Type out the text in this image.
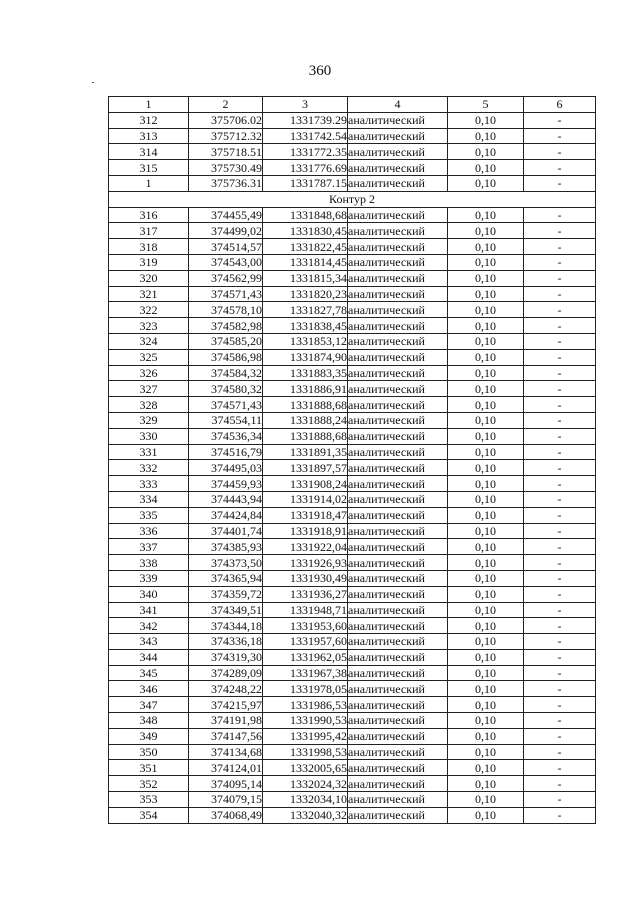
360
1	2	3	4	5	6
312	375706.02	1331739.29	аналитический	0,10	-
313	375712.32	1331742.54	аналитический	0,10	-
314	375718.51	1331772.35	аналитический	0,10	-
315	375730.49	1331776.69	аналитический	0,10	-
1	375736.31	1331787.15	аналитический	0,10	-
Контур 2					
316	374455,49	1331848,68	аналитический	0,10	-
317	374499,02	1331830,45	аналитический	0,10	-
318	374514,57	1331822,45	аналитический	0,10	-
319	374543,00	1331814,45	аналитический	0,10	-
320	374562,99	1331815,34	аналитический	0,10	-
321	374571,43	1331820,23	аналитический	0,10	-
322	374578,10	1331827,78	аналитический	0,10	-
323	374582,98	1331838,45	аналитический	0,10	-
324	374585,20	1331853,12	аналитический	0,10	-
325	374586,98	1331874,90	аналитический	0,10	-
326	374584,32	1331883,35	аналитический	0,10	-
327	374580,32	1331886,91	аналитический	0,10	-
328	374571,43	1331888,68	аналитический	0,10	-
329	374554,11	1331888,24	аналитический	0,10	-
330	374536,34	1331888,68	аналитический	0,10	-
331	374516,79	1331891,35	аналитический	0,10	-
332	374495,03	1331897,57	аналитический	0,10	-
333	374459,93	1331908,24	аналитический	0,10	-
334	374443,94	1331914,02	аналитический	0,10	-
335	374424,84	1331918,47	аналитический	0,10	-
336	374401,74	1331918,91	аналитический	0,10	-
337	374385,93	1331922,04	аналитический	0,10	-
338	374373,50	1331926,93	аналитический	0,10	-
339	374365,94	1331930,49	аналитический	0,10	-
340	374359,72	1331936,27	аналитический	0,10	-
341	374349,51	1331948,71	аналитический	0,10	-
342	374344,18	1331953,60	аналитический	0,10	-
343	374336,18	1331957,60	аналитический	0,10	-
344	374319,30	1331962,05	аналитический	0,10	-
345	374289,09	1331967,38	аналитический	0,10	-
346	374248,22	1331978,05	аналитический	0,10	-
347	374215,97	1331986,53	аналитический	0,10	-
348	374191,98	1331990,53	аналитический	0,10	-
349	374147,56	1331995,42	аналитический	0,10	-
350	374134,68	1331998,53	аналитический	0,10	-
351	374124,01	1332005,65	аналитический	0,10	-
352	374095,14	1332024,32	аналитический	0,10	-
353	374079,15	1332034,10	аналитический	0,10	-
354	374068,49	1332040,32	аналитический	0,10	-
